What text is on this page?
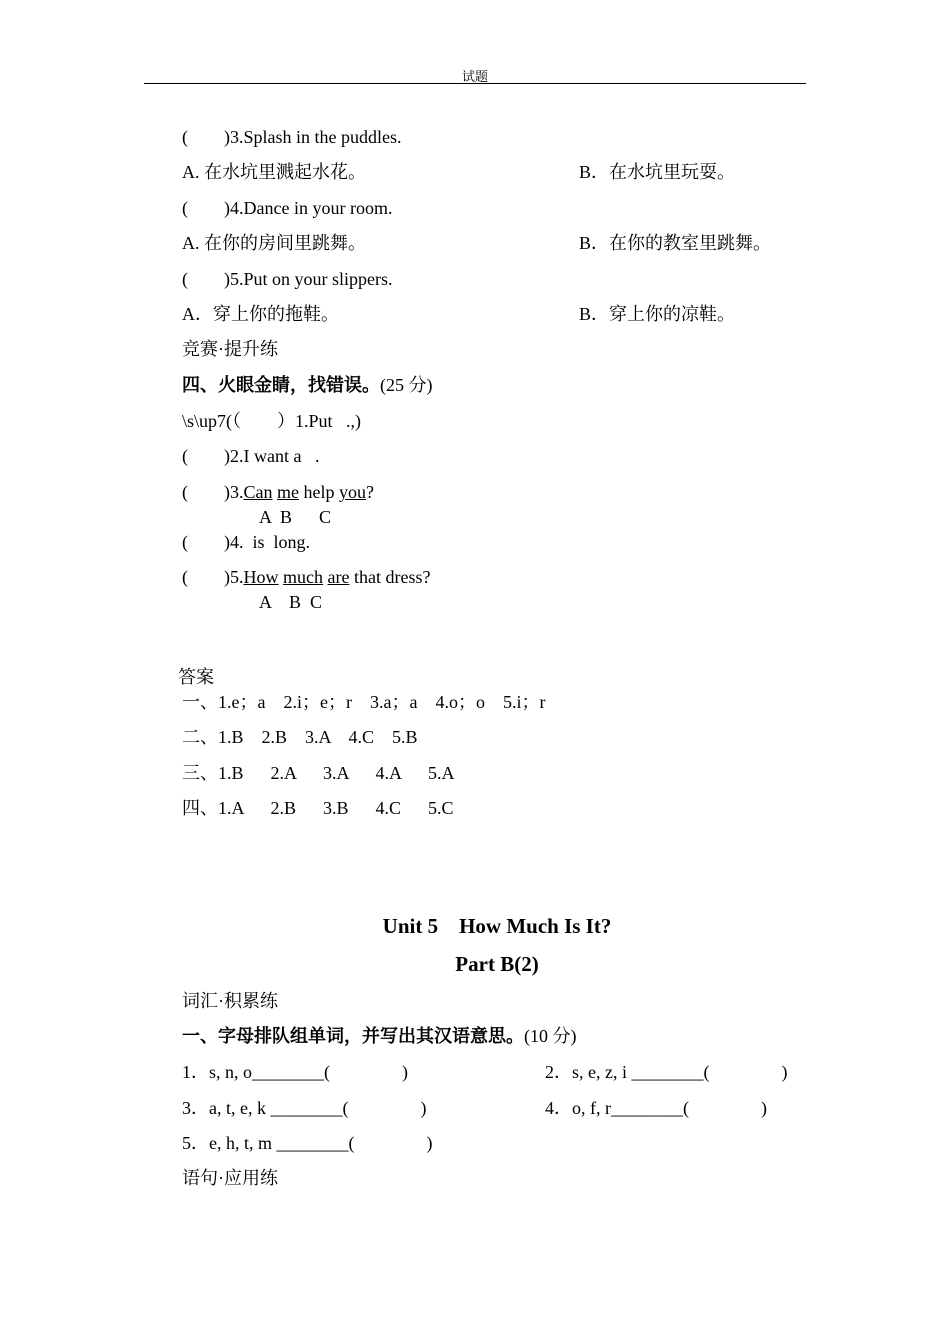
试题
(        )3.Splash in the puddles.
A. 在水坑里溅起水花。	B．在水坑里玩耍。
(        )4.Dance in your room.
A. 在你的房间里跳舞。	B．在你的教室里跳舞。
(        )5.Put on your slippers.
A．穿上你的拖鞋。	B．穿上你的凉鞋。
竞赛·提升练
四、火眼金睛，找错误。(25 分)
\s\up7(（        ）1.Put   .,)
(        )2.I want a   .
(        )3.Can me help you?
A  B      C
(        )4.  is  long.
(        )5.How much are that dress?
A    B  C
答案
一、1.e；a    2.i；e；r    3.a；a    4.o；o    5.i；r
二、1.B    2.B    3.A    4.C    5.B
三、1.B      2.A      3.A      4.A      5.A
四、1.A      2.B      3.B      4.C      5.C
Unit 5    How Much Is It?
Part B(2)
词汇·积累练
一、字母排队组单词，并写出其汉语意思。(10 分)
1．s, n, o________(                )	2．s, e, z, i ________(                )
3．a, t, e, k ________(                )	4．o, f, r________(                )
5．e, h, t, m ________(                )
语句·应用练
